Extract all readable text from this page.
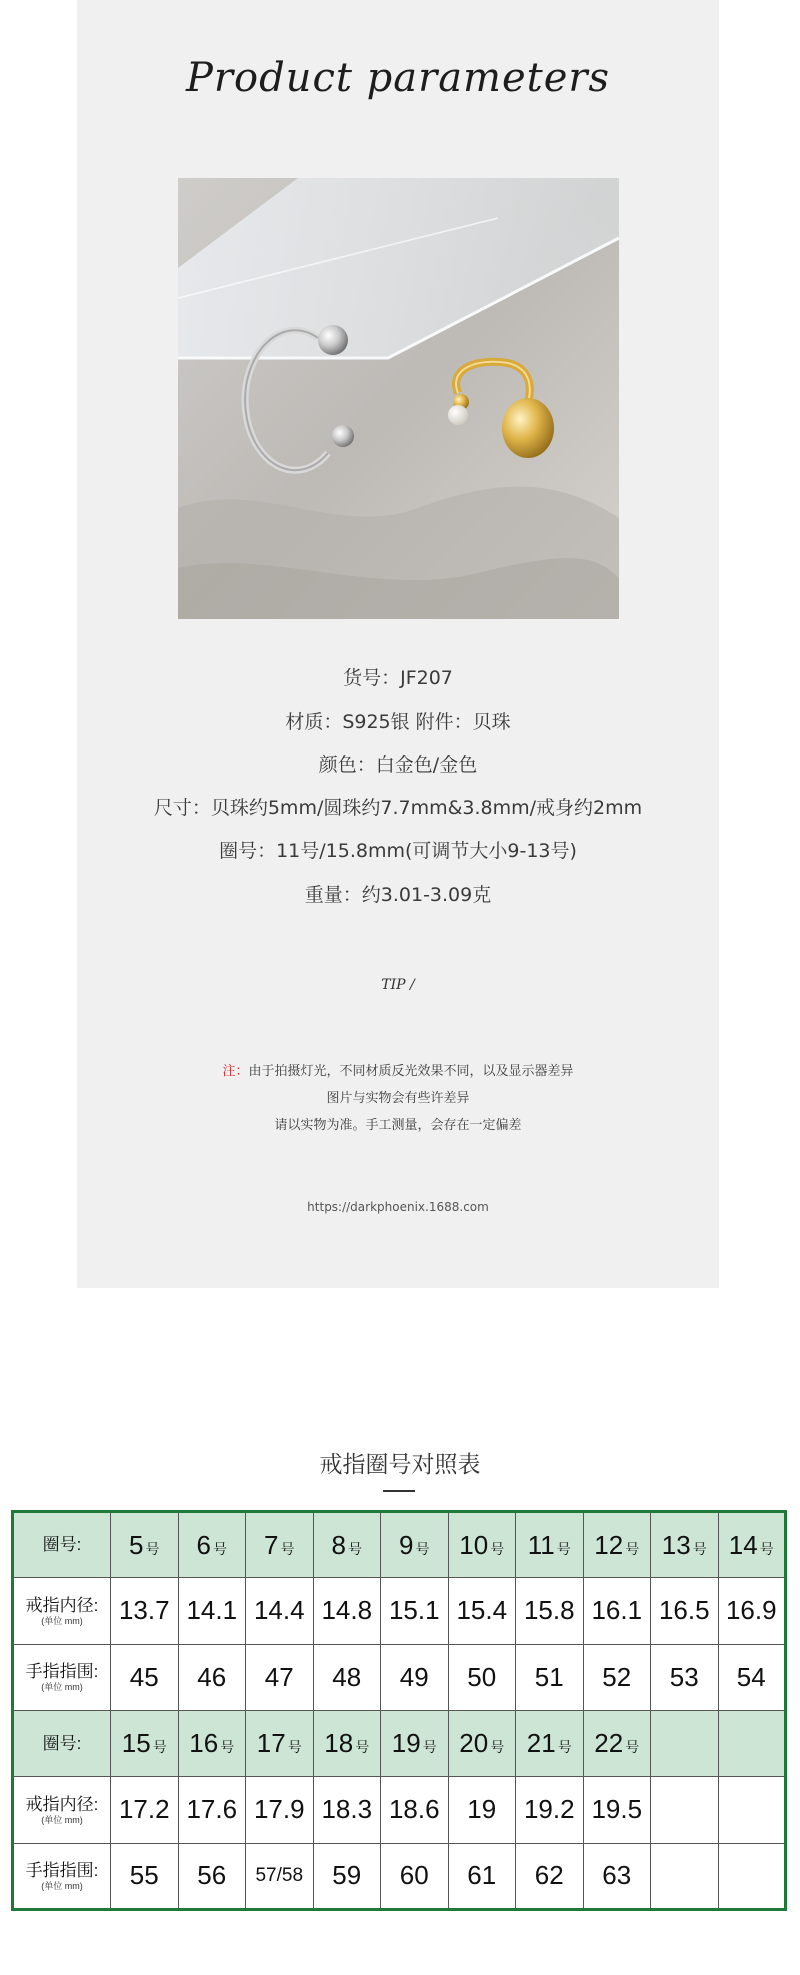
Product parameters
货号：JF207
材质：S925银 附件：贝珠
颜色：白金色/金色
尺寸：贝珠约5mm/圆珠约7.7mm&3.8mm/戒身约2mm
圈号：11号/15.8mm(可调节大小9-13号)
重量：约3.01-3.09克
TIP /
注：由于拍摄灯光，不同材质反光效果不同，以及显示器差异
图片与实物会有些许差异
请以实物为准。手工测量，会存在一定偏差
https://darkphoenix.1688.com
戒指圈号对照表
圈号:	5 号	6 号	7 号	8 号	9 号	10 号	11 号	12 号	13 号	14 号

戒指内径:
(单位 mm)	13.7	14.1	14.4	14.8	15.1	15.4	15.8	16.1	16.5	16.9

手指指围:
(单位 mm)	45	46	47	48	49	50	51	52	53	54

圈号:	15 号	16 号	17 号	18 号	19 号	20 号	21 号	22 号		

戒指内径:
(单位 mm)	17.2	17.6	17.9	18.3	18.6	19	19.2	19.5		

手指指围:
(单位 mm)	55	56	57/58	59	60	61	62	63		
